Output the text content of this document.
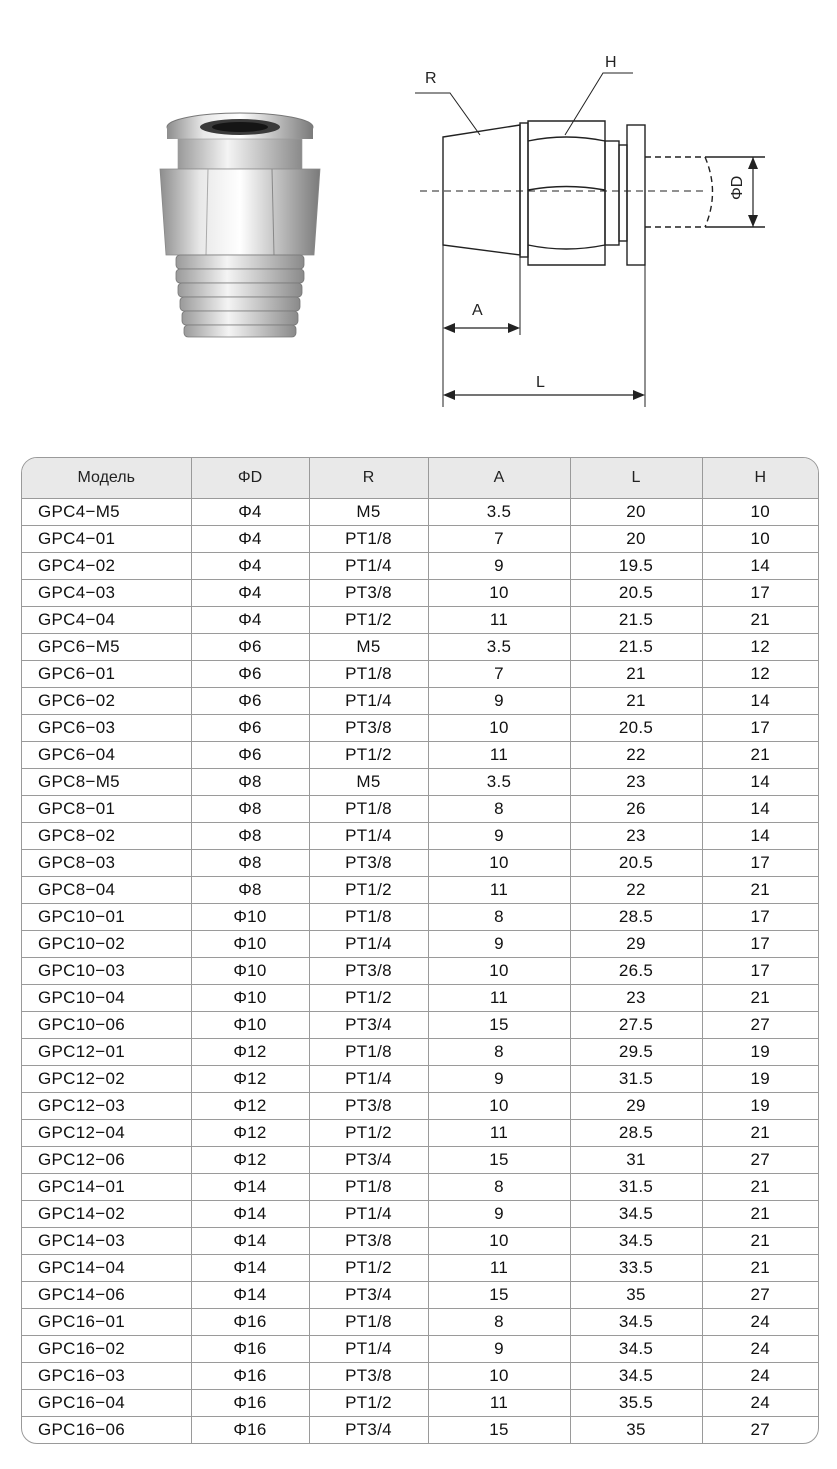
R
H
ΦD
A
L
Модель	ΦD	R	A	L	H
GPC4−M5	Φ4	M5	3.5	20	10
GPC4−01	Φ4	PT1/8	7	20	10
GPC4−02	Φ4	PT1/4	9	19.5	14
GPC4−03	Φ4	PT3/8	10	20.5	17
GPC4−04	Φ4	PT1/2	11	21.5	21
GPC6−M5	Φ6	M5	3.5	21.5	12
GPC6−01	Φ6	PT1/8	7	21	12
GPC6−02	Φ6	PT1/4	9	21	14
GPC6−03	Φ6	PT3/8	10	20.5	17
GPC6−04	Φ6	PT1/2	11	22	21
GPC8−M5	Φ8	M5	3.5	23	14
GPC8−01	Φ8	PT1/8	8	26	14
GPC8−02	Φ8	PT1/4	9	23	14
GPC8−03	Φ8	PT3/8	10	20.5	17
GPC8−04	Φ8	PT1/2	11	22	21
GPC10−01	Φ10	PT1/8	8	28.5	17
GPC10−02	Φ10	PT1/4	9	29	17
GPC10−03	Φ10	PT3/8	10	26.5	17
GPC10−04	Φ10	PT1/2	11	23	21
GPC10−06	Φ10	PT3/4	15	27.5	27
GPC12−01	Φ12	PT1/8	8	29.5	19
GPC12−02	Φ12	PT1/4	9	31.5	19
GPC12−03	Φ12	PT3/8	10	29	19
GPC12−04	Φ12	PT1/2	11	28.5	21
GPC12−06	Φ12	PT3/4	15	31	27
GPC14−01	Φ14	PT1/8	8	31.5	21
GPC14−02	Φ14	PT1/4	9	34.5	21
GPC14−03	Φ14	PT3/8	10	34.5	21
GPC14−04	Φ14	PT1/2	11	33.5	21
GPC14−06	Φ14	PT3/4	15	35	27
GPC16−01	Φ16	PT1/8	8	34.5	24
GPC16−02	Φ16	PT1/4	9	34.5	24
GPC16−03	Φ16	PT3/8	10	34.5	24
GPC16−04	Φ16	PT1/2	11	35.5	24
GPC16−06	Φ16	PT3/4	15	35	27
